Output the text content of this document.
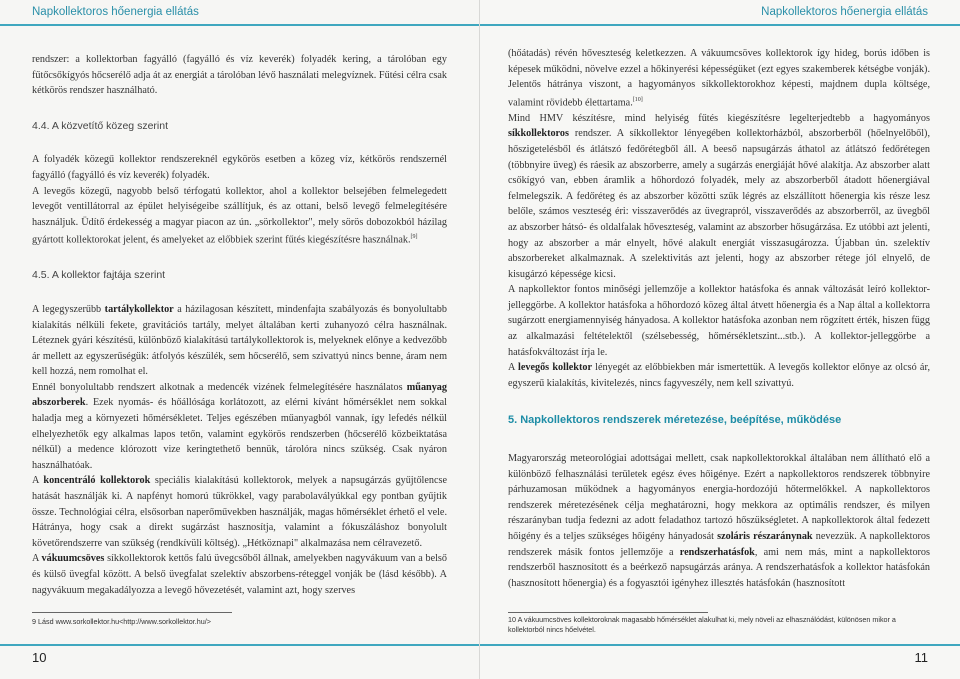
Napkollektoros hőenergia ellátás

rendszer: a kollektorban fagyálló (fagyálló és víz keverék) folyadék kering, a tárolóban egy fűtőcsőkígyós hőcserélő adja át az energiát a tárolóban lévő használati melegvíznek. Fűtési célra csak kétkörös rendszer használható.

4.4. A közvetítő közeg szerint

A folyadék közegű kollektor rendszereknél egykörös esetben a közeg víz, kétkörös rendszernél fagyálló (fagyálló és víz keverék) folyadék.

A levegős közegű, nagyobb belső térfogatú kollektor, ahol a kollektor belsejében felmelegedett levegőt ventillátorral az épület helyiségeibe szállítjuk, és az ottani, belső levegő felmelegítésére használjuk. Üdítő érdekesség a magyar piacon az ún. „sörkollektor", mely sörös dobozokból házilag gyártott kollektorokat jelent, és amelyeket az előbbiek szerint fűtés kiegészítésre használnak.[9]

4.5. A kollektor fajtája szerint

A legegyszerűbb tartálykollektor a házilagosan készített, mindenfajta szabályozás és bonyolultabb kialakítás nélküli fekete, gravitációs tartály, melyet általában kerti zuhanyozó célra használnak. Léteznek gyári készítésű, különböző kialakítású tartálykollektorok is, melyeknek előnye a kedvezőbb ár mellett az egyszerűségük: átfolyós készülék, sem hőcserélő, sem szivattyú nincs benne, áram nem kell hozzá, nem romolhat el.

Ennél bonyolultabb rendszert alkotnak a medencék vizének felmelegítésére használatos műanyag abszorberek. Ezek nyomás- és hőállósága korlátozott, az elérni kívánt hőmérséklet nem sokkal haladja meg a környezeti hőmérsékletet. Teljes egészében műanyagból vannak, így lefedés nélkül elhelyezhetők egy alkalmas lapos tetőn, valamint egykörös rendszerben (hőcserélő közbeiktatása nélkül) a medence klórozott vize keringtethető bennük, tárolóra nincs szükség. Csak nyáron használhatóak.

A koncentráló kollektorok speciális kialakítású kollektorok, melyek a napsugárzás gyűjtőlencse hatását használják ki. A napfényt homorú tükrökkel, vagy parabolavályúkkal egy pontban gyűjtik össze. Technológiai célra, elsősorban naperőművekben használják, magas hőmérséklet érhető el vele. Hátránya, hogy csak a direkt sugárzást hasznosítja, valamint a fókuszáláshoz bonyolult követőrendszerre van szükség (rendkívüli költség). „Hétköznapi" alkalmazása nem célravezető.

A vákuumcsöves síkkollektorok kettős falú üvegcsőből állnak, amelyekben nagyvákuum van a belső és külső üvegfal között. A belső üvegfalat szelektív abszorbens-réteggel vonják be (lásd később). A nagyvákuum megakadályozza a levegő hővezetését, valamint azt, hogy szerves

9 Lásd www.sorkollektor.hu<http://www.sorkollektor.hu/>
10
Napkollektoros hőenergia ellátás

(hőátadás) révén hőveszteség keletkezzen. A vákuumcsöves kollektorok így hideg, borús időben is képesek működni, növelve ezzel a hőkinyerési képességüket (ezt egyes szakemberek kétségbe vonják). Jelentős hátránya viszont, a hagyományos síkkollektorokhoz képesti, majdnem dupla költsége, valamint rövidebb élettartama.[10]

Mind HMV készítésre, mind helyiség fűtés kiegészítésre legelterjedtebb a hagyományos síkkollektoros rendszer. A síkkollektor lényegében kollektorházból, abszorberből (hőelnyelőből), hőszigetelésből és átlátszó fedőrétegből áll. A beeső napsugárzás áthatol az átlátszó fedőrétegen (többnyire üveg) és ráesik az abszorberre, amely a sugárzás energiáját hővé alakítja. Az abszorber alatt csőkígyó van, ebben áramlik a hőhordozó folyadék, mely az abszorberből átadott hőenergiával felmelegszik. A fedőréteg és az abszorber közötti szűk légrés az elszállított hőenergia kis része lesz belőle, számos veszteség éri: visszaverődés az üvegrapról, visszaverődés az abszorberről, az üvegből az abszorber hátsó- és oldalfalak hőveszteség, valamint az abszorber hősugárzása. Ez utóbbi azt jelenti, hogy az abszorber a már elnyelt, hővé alakult energiát visszasugározza. Újabban ún. szelektív abszorbereket alkalmaznak. A szelektivitás azt jelenti, hogy az abszorber rétege jól elnyelő, de kisugárzó képessége kicsi.

A napkollektor fontos minőségi jellemzője a kollektor hatásfoka és annak változását leíró kollektor-jelleggörbe. A kollektor hatásfoka a hőhordozó közeg által átvett hőenergia és a Nap által a kollektorra sugárzott energiamennyiség hányadosa. A kollektor hatásfoka azonban nem rögzített érték, hiszen függ az alkalmazási feltételektől (szélsebesség, hőmérsékletszint...stb.). A kollektor-jelleggörbe a hatásfokváltozást írja le.

A levegős kollektor lényegét az előbbiekben már ismertettük. A levegős kollektor előnye az olcsó ár, egyszerű kialakítás, kivitelezés, nincs fagyveszély, nem kell szivattyú.

5. Napkollektoros rendszerek méretezése, beépítése, működése

Magyarország meteorológiai adottságai mellett, csak napkollektorokkal általában nem állítható elő a különböző felhasználási területek egész éves hőigénye. Ezért a napkollektoros rendszerek többnyire párhuzamosan működnek a hagyományos energia-hordozójú hőtermelőkkel. A napkollektoros rendszerek méretezésének célja meghatározni, hogy mekkora az optimális rendszer, és milyen részarányban tudja fedezni az adott feladathoz tartozó hőszükségletet. A napkollektorok által fedezett hőigény és a teljes szükséges hőigény hányadosát szoláris részaránynak nevezzük. A napkollektoros rendszerek másik fontos jellemzője a rendszerhatásfok, ami nem más, mint a napkollektoros rendszerből hasznosított és a beérkező napsugárzás aránya. A rendszerhatásfok a kollektor hatásfokán (hasznosított hőenergia) és a fogyasztói igényhez illesztés hatásfokán (hasznosított

10 A vákuumcsöves kollektoroknak magasabb hőmérséklet alakulhat ki, mely növeli az elhasználódást, különösen mikor a kollektorból nincs hőelvétel.
11
